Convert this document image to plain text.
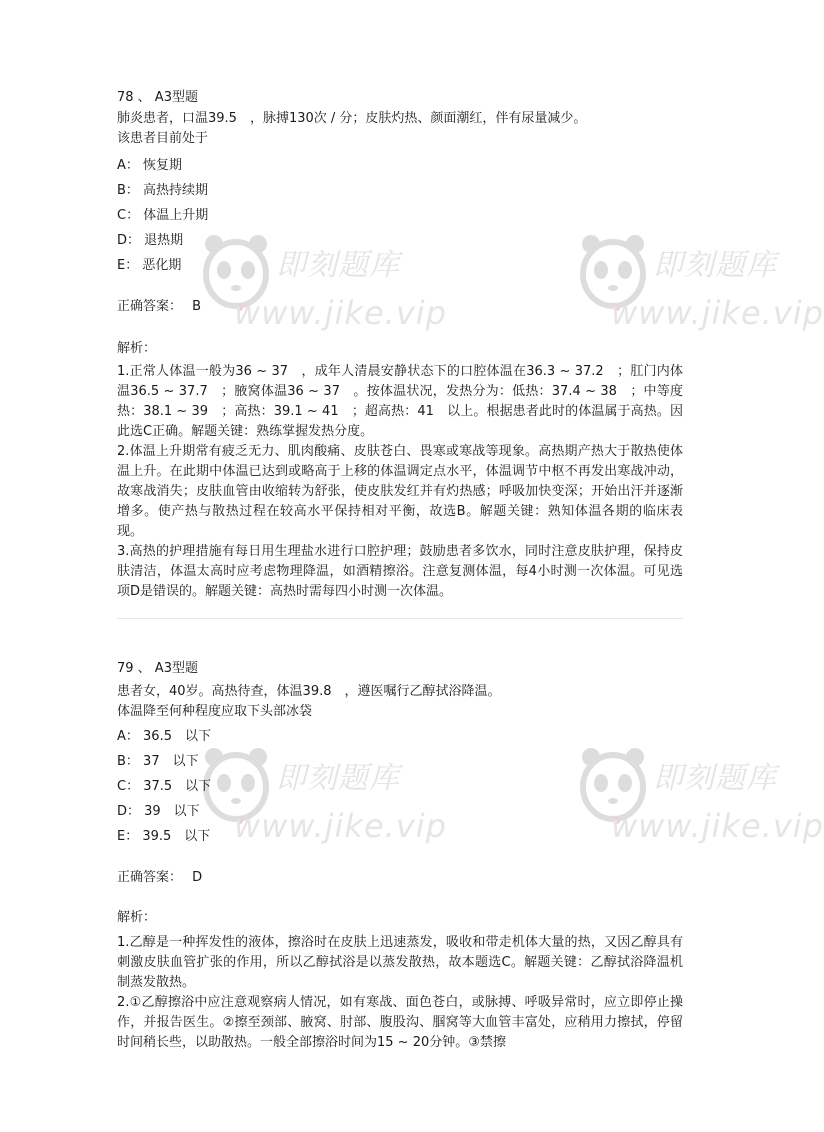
即刻题库
www.jike.vip
即刻题库
www.jike.vip
即刻题库
www.jike.vip
即刻题库
www.jike.vip
78 、 A3型题
肺炎患者，口温39.5　，脉搏130次 / 分；皮肤灼热、颜面潮红，伴有尿量减少。
该患者目前处于
A： 恢复期
B： 高热持续期
C： 体温上升期
D： 退热期
E： 恶化期
正确答案： B
解析：
1.正常人体温一般为36 ~ 37　，成年人清晨安静状态下的口腔体温在36.3 ~ 37.2　；肛门内体温36.5 ~ 37.7　；腋窝体温36 ~ 37　。按体温状况，发热分为：低热：37.4 ~ 38　；中等度热：38.1 ~ 39　；高热：39.1 ~ 41　；超高热：41　以上。根据患者此时的体温属于高热。因此选C正确。解题关键：熟练掌握发热分度。
2.体温上升期常有疲乏无力、肌肉酸痛、皮肤苍白、畏寒或寒战等现象。高热期产热大于散热使体温上升。在此期中体温已达到或略高于上移的体温调定点水平，体温调节中枢不再发出寒战冲动，故寒战消失；皮肤血管由收缩转为舒张，使皮肤发红并有灼热感；呼吸加快变深；开始出汗并逐渐增多。使产热与散热过程在较高水平保持相对平衡，故选B。解题关键：熟知体温各期的临床表现。
3.高热的护理措施有每日用生理盐水进行口腔护理；鼓励患者多饮水，同时注意皮肤护理，保持皮肤清洁，体温太高时应考虑物理降温，如酒精擦浴。注意复测体温，每4小时测一次体温。可见选项D是错误的。解题关键：高热时需每四小时测一次体温。
79 、 A3型题
患者女，40岁。高热待查，体温39.8　，遵医嘱行乙醇拭浴降温。
体温降至何种程度应取下头部冰袋
A： 36.5　以下
B： 37　以下
C： 37.5　以下
D： 39　以下
E： 39.5　以下
正确答案： D
解析：
1.乙醇是一种挥发性的液体，擦浴时在皮肤上迅速蒸发，吸收和带走机体大量的热，又因乙醇具有刺激皮肤血管扩张的作用，所以乙醇拭浴是以蒸发散热，故本题选C。解题关键：乙醇拭浴降温机制蒸发散热。
2.①乙醇擦浴中应注意观察病人情况，如有寒战、面色苍白，或脉搏、呼吸异常时，应立即停止操作，并报告医生。②擦至颈部、腋窝、肘部、腹股沟、腘窝等大血管丰富处，应稍用力擦拭，停留时间稍长些，以助散热。一般全部擦浴时间为15 ~ 20分钟。③禁擦
